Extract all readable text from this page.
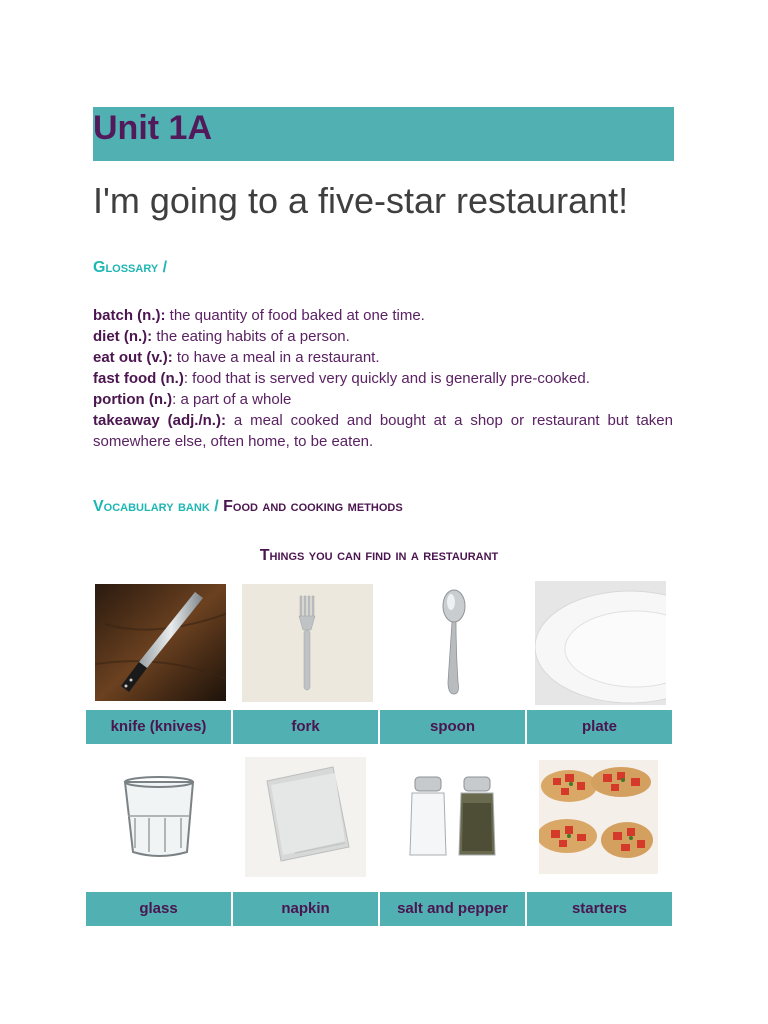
Unit 1A
I'm going to a five-star restaurant!
Glossary /

batch (n.): the quantity of food baked at one time.

diet (n.): the eating habits of a person.

eat out (v.): to have a meal in a restaurant.

fast food (n.): food that is served very quickly and is generally pre-cooked.

portion (n.): a part of a whole

takeaway (adj./n.): a meal cooked and bought at a shop or restaurant but taken somewhere else, often home, to be eaten.

Vocabulary bank / Food and cooking methods
Things you can find in a restaurant
knife (knives)	fork	spoon	plate
glass	napkin	salt and pepper	starters
